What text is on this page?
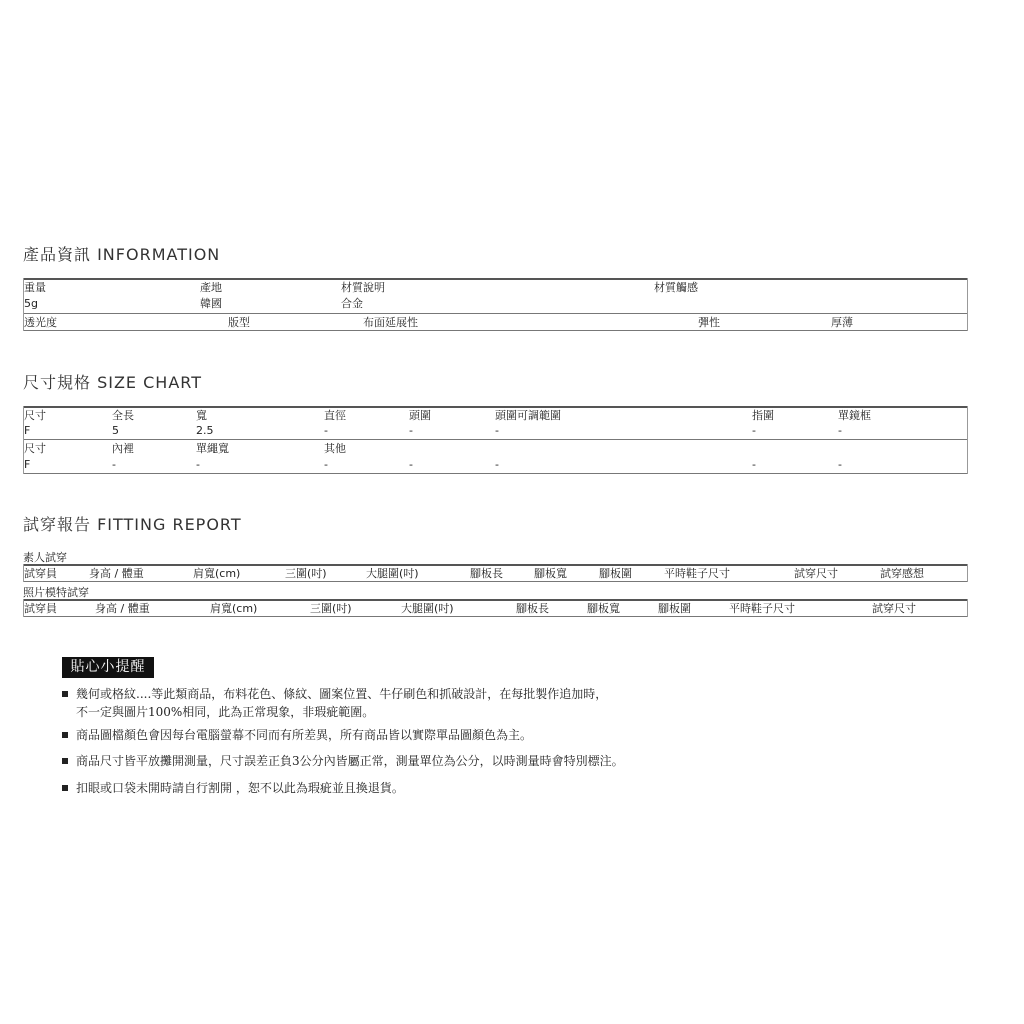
產品資訊 INFORMATION
重量	產地	材質說明	材質觸感
5g	韓國	合金
透光度	版型	布面延展性	彈性	厚薄
尺寸規格 SIZE CHART
尺寸	全長	寬	直徑	頭圍	頭圍可調範圍	指圍	單鏡框
F	5	2.5	-	-	-	-	-
尺寸	內裡	單繩寬	其他
F	-	-	-	-	-	-	-
試穿報告 FITTING REPORT
素人試穿
試穿員	身高 / 體重	肩寬(cm)	三圍(吋)	大腿圍(吋)	腳板長	腳板寬	腳板圍	平時鞋子尺寸	試穿尺寸	試穿感想
照片模特試穿
試穿員	身高 / 體重	肩寬(cm)	三圍(吋)	大腿圍(吋)	腳板長	腳板寬	腳板圍	平時鞋子尺寸	試穿尺寸
貼心小提醒
幾何或格紋....等此類商品，布料花色、條紋、圖案位置、牛仔刷色和抓破設計，在每批製作追加時，
不一定與圖片100%相同，此為正常現象，非瑕疵範圍。
商品圖檔顏色會因每台電腦螢幕不同而有所差異，所有商品皆以實際單品圖顏色為主。
商品尺寸皆平放攤開測量，尺寸誤差正負3公分內皆屬正常，測量單位為公分，以時測量時會特別標注。
扣眼或口袋未開時請自行割開 ，恕不以此為瑕疵並且換退貨。
